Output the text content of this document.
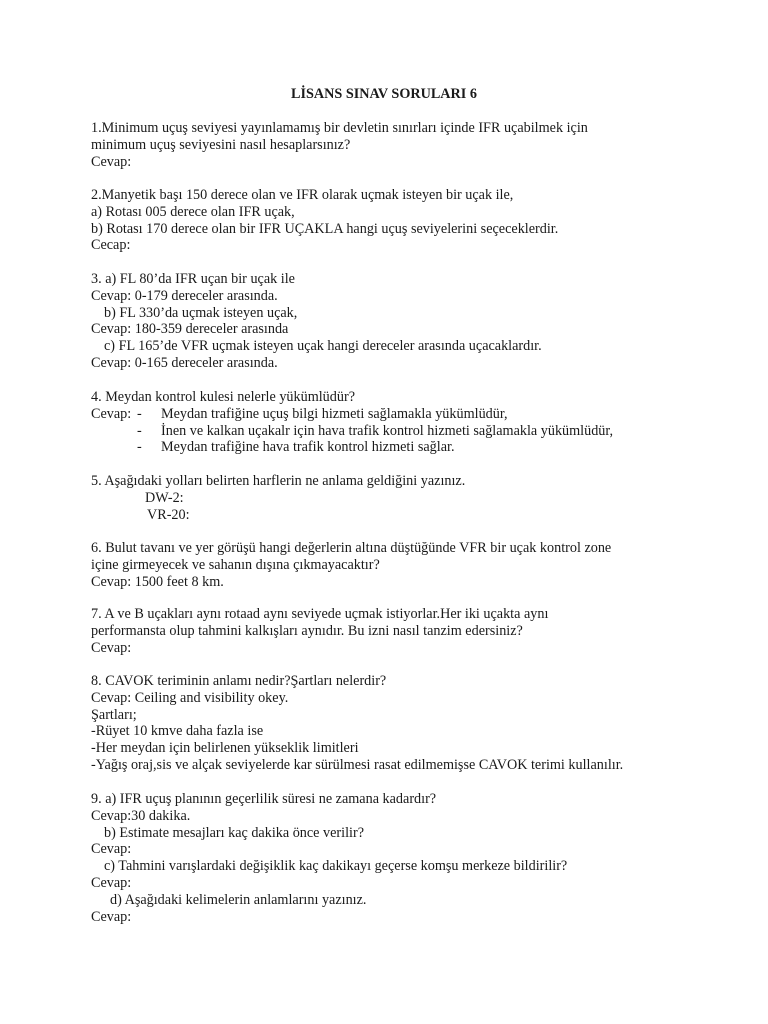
LİSANS SINAV SORULARI 6
1.Minimum uçuş seviyesi yayınlamamış bir devletin sınırları içinde IFR uçabilmek için
minimum uçuş seviyesini nasıl hesaplarsınız?
Cevap:
2.Manyetik başı 150 derece olan ve IFR olarak uçmak isteyen bir uçak ile,
a) Rotası 005 derece olan IFR uçak,
b) Rotası 170 derece olan bir IFR UÇAKLA hangi uçuş seviyelerini seçeceklerdir.
Cecap:
3. a) FL 80’da IFR uçan bir uçak ile
Cevap: 0-179 dereceler arasında.
b) FL 330’da uçmak isteyen uçak,
Cevap: 180-359 dereceler arasında
c) FL 165’de VFR uçmak isteyen uçak hangi dereceler arasında uçacaklardır.
Cevap: 0-165 dereceler arasında.
4. Meydan kontrol kulesi nelerle yükümlüdür?
Cevap: - Meydan trafiğine uçuş bilgi hizmeti sağlamakla yükümlüdür,
- İnen ve kalkan uçakalr için hava trafik kontrol hizmeti sağlamakla yükümlüdür,
- Meydan trafiğine hava trafik kontrol hizmeti sağlar.
5. Aşağıdaki yolları belirten harflerin ne anlama geldiğini yazınız.
DW-2:
VR-20:
6. Bulut tavanı ve yer görüşü hangi değerlerin altına düştüğünde VFR bir uçak kontrol zone
içine girmeyecek ve sahanın dışına çıkmayacaktır?
Cevap: 1500 feet 8 km.
7. A ve B uçakları aynı rotaad aynı seviyede uçmak istiyorlar.Her iki uçakta aynı
performansta olup tahmini kalkışları aynıdır. Bu izni nasıl tanzim edersiniz?
Cevap:
8. CAVOK teriminin anlamı nedir?Şartları nelerdir?
Cevap: Ceiling and visibility okey.
Şartları;
-Rüyet 10 kmve daha fazla ise
-Her meydan için belirlenen yükseklik limitleri
-Yağış oraj,sis ve alçak seviyelerde kar sürülmesi rasat edilmemişse CAVOK terimi kullanılır.
9. a) IFR uçuş planının geçerlilik süresi ne zamana kadardır?
Cevap:30 dakika.
b) Estimate mesajları kaç dakika önce verilir?
Cevap:
c) Tahmini varışlardaki değişiklik kaç dakikayı geçerse komşu merkeze bildirilir?
Cevap:
d) Aşağıdaki kelimelerin anlamlarını yazınız.
Cevap:
